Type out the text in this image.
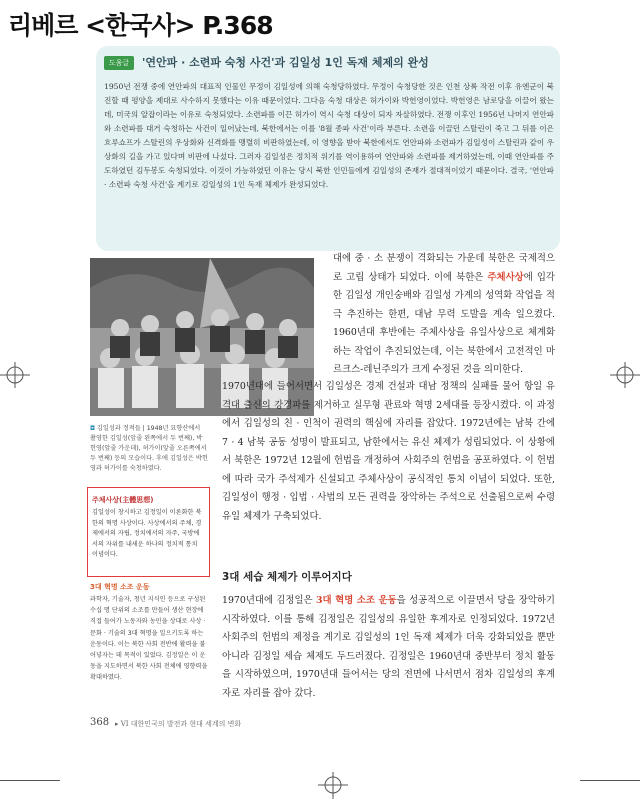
리베르 <한국사> P.368
도움글	'연안파 · 소련파 숙청 사건'과 김일성 1인 독재 체제의 완성

1950년 전쟁 중에 연안파의 대표적 인물인 무정이 김일성에 의해 숙청당하였다. 무정이 숙청당한 것은 인천 상륙 작전 이후 유엔군이 북진할 때 평양을 제대로 사수하지 못했다는 이유 때문이었다. 그다음 숙청 대상은 허가이와 박헌영이었다. 박헌영은 남로당을 이끌어 왔는데, 미국의 알잡이라는 이유로 숙청되었다. 소련파를 이끈 허가이 역시 숙청 대상이 되자 자살하였다. 전쟁 이후인 1956년 나머지 연안파와 소련파를 대거 숙청하는 사건이 일어났는데, 북한에서는 이를 '8월 종파 사건'이라 부른다. 소련을 이끌던 스탈린이 죽고 그 뒤를 이은 흐루쇼프가 스탈린의 우상화와 신격화를 맹렬히 비판하였는데, 이 영향을 받아 북한에서도 연안파와 소련파가 김일성이 스탈린과 같이 우상화의 길을 가고 있다며 비판에 나섰다. 그러자 김일성은 정치적 위기를 역이용하여 연안파와 소련파를 제거하였는데, 이때 연안파를 주도하였던 김두봉도 숙청되었다. 이것이 가능하였던 이유는 당시 북한 인민들에게 김일성의 존재가 절대적이었기 때문이다. 결국, '연안파 · 소련파 숙청 사건'을 계기로 김일성의 1인 독재 체제가 완성되었다.

◘ 김일성과 정적들 | 1948년 묘향산에서 촬영한 김일성(앞줄 왼쪽에서 두 번째), 박헌영(앞줄 가운데), 허가이(앞줄 오른쪽에서 두 번째) 등의 모습이다. 후에 김일성은 박헌영과 허가이를 숙청하였다.

주체사상(主體思想)

김일성이 창시하고 김정일이 이론화한 북한의 혁명 사상이다. 사상에서의 주체, 경제에서의 자립, 정치에서의 자주, 국방에서의 자위를 내세운 하나의 정치적 통치 이념이다.

3대 혁명 소조 운동

과학자, 기술자, 청년 지식인 등으로 구성된 수십 명 단위의 소조를 만들어 생산 현장에 직접 들어가 노동자와 농민을 상대로 사상 · 문화 · 기술의 3대 혁명을 일으키도록 하는 운동이다. 이는 북한 사회 전반에 활력을 불어넣자는 데 목적이 있었다. 김정일은 이 운동을 지도하면서 북한 사회 전체에 영향력을 확대하였다.

대에 중 · 소 분쟁이 격화되는 가운데 북한은 국제적으로 고립 상태가 되었다. 이에 북한은 주체사상에 입각한 김일성 개인숭배와 김일성 가계의 성역화 작업을 적극 추진하는 한편, 대남 무력 도발을 계속 일으켰다. 1960년대 후반에는 주체사상을 유일사상으로 체계화하는 작업이 추진되었는데, 이는 북한에서 고전적인 마르크스-레닌주의가 크게 수정된 것을 의미한다.

1970년대에 들어서면서 김일성은 경제 건설과 대남 정책의 실패를 물어 항일 유격대 출신의 강경파를 제거하고 실무형 관료와 혁명 2세대를 등장시켰다. 이 과정에서 김일성의 친 · 인척이 권력의 핵심에 자리를 잡았다. 1972년에는 남북 간에 7 · 4 남북 공동 성명이 발표되고, 남한에서는 유신 체제가 성립되었다. 이 상황에서 북한은 1972년 12월에 헌법을 개정하여 사회주의 헌법을 공포하였다. 이 헌법에 따라 국가 주석제가 신설되고 주체사상이 공식적인 통치 이념이 되었다. 또한, 김일성이 행정 · 입법 · 사법의 모든 권력을 장악하는 주석으로 선출됨으로써 수령 유일 체제가 구축되었다.

3대 세습 체제가 이루어지다

1970년대에 김정일은 3대 혁명 소조 운동을 성공적으로 이끌면서 당을 장악하기 시작하였다. 이를 통해 김정일은 김일성의 유일한 후계자로 인정되었다. 1972년 사회주의 헌법의 제정을 계기로 김일성의 1인 독재 체제가 더욱 강화되었을 뿐만 아니라 김정일 세습 체제도 두드러졌다. 김정일은 1960년대 중반부터 정치 활동을 시작하였으며, 1970년대 들어서는 당의 전면에 나서면서 점차 김일성의 후계자로 자리를 잡아 갔다.

368 ▸ VI 대한민국의 발전과 현대 세계의 변화
